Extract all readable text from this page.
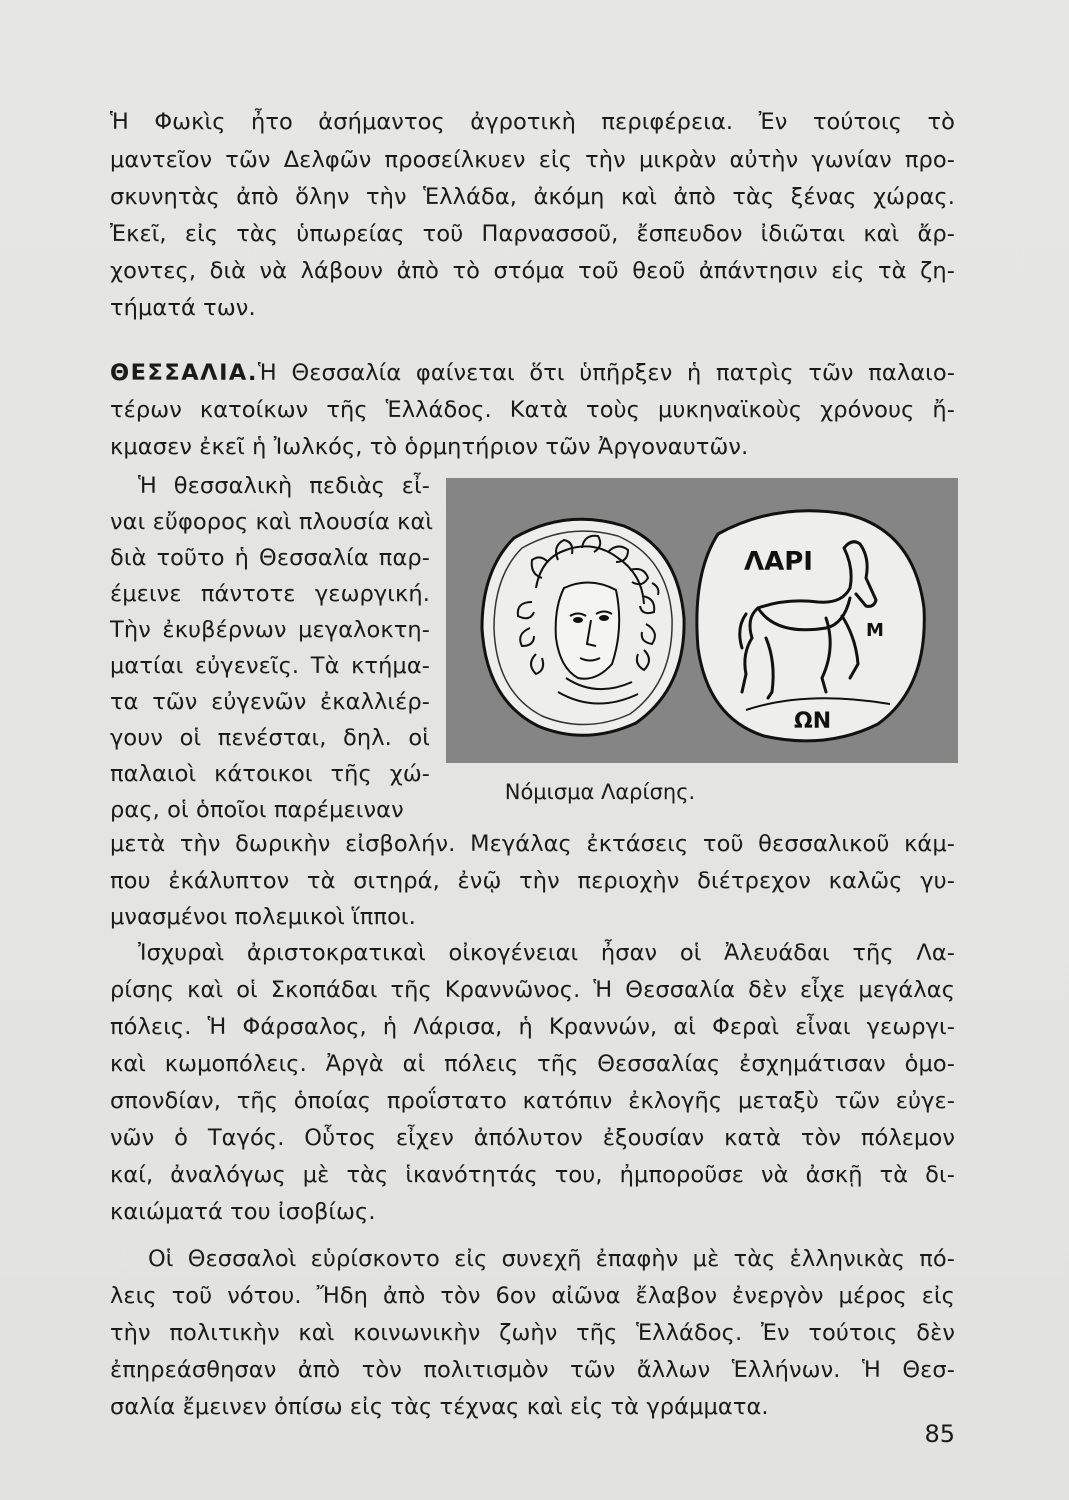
Ἡ Φωκὶς ἦτο ἀσήμαντος ἀγροτικὴ περιφέρεια. Ἐν τούτοις τὸ
μαντεῖον τῶν Δελφῶν προσείλκυεν εἰς τὴν μικρὰν αὐτὴν γωνίαν προ-
σκυνητὰς ἀπὸ ὅλην τὴν Ἑλλάδα, ἀκόμη καὶ ἀπὸ τὰς ξένας χώρας.
Ἐκεῖ, εἰς τὰς ὑπωρείας τοῦ Παρνασσοῦ, ἔσπευδον ἰδιῶται καὶ ἄρ-
χοντες, διὰ νὰ λάβουν ἀπὸ τὸ στόμα τοῦ θεοῦ ἀπάντησιν εἰς τὰ ζη-
τήματά των.
ΘΕΣΣΑΛΙΑ.Ἡ Θεσσαλία φαίνεται ὅτι ὑπῆρξεν ἡ πατρὶς τῶν παλαιο-
τέρων κατοίκων τῆς Ἑλλάδος. Κατὰ τοὺς μυκηναϊκοὺς χρόνους ἤ-
κμασεν ἐκεῖ ἡ Ἰωλκός, τὸ ὁρμητήριον τῶν Ἀργοναυτῶν.
Ἡ θεσσαλικὴ πεδιὰς εἶ-
ναι εὔφορος καὶ πλουσία καὶ
διὰ τοῦτο ἡ Θεσσαλία παρ-
έμεινε πάντοτε γεωργική.
Τὴν ἐκυβέρνων μεγαλοκτη-
ματίαι εὐγενεῖς. Τὰ κτήμα-
τα τῶν εὐγενῶν ἐκαλλιέρ-
γουν οἱ πενέσται, δηλ. οἱ
παλαιοὶ κάτοικοι τῆς χώ-
ρας, οἱ ὁποῖοι παρέμειναν
ΛΑΡΙ
Μ
ΩΝ
Νόμισμα Λαρίσης.
μετὰ τὴν δωρικὴν εἰσβολήν. Μεγάλας ἐκτάσεις τοῦ θεσσαλικοῦ κάμ-
που ἐκάλυπτον τὰ σιτηρά, ἐνῷ τὴν περιοχὴν διέτρεχον καλῶς γυ-
μνασμένοι πολεμικοὶ ἵπποι.
Ἰσχυραὶ ἀριστοκρατικαὶ οἰκογένειαι ἦσαν οἱ Ἀλευάδαι τῆς Λα-
ρίσης καὶ οἱ Σκοπάδαι τῆς Κραννῶνος. Ἡ Θεσσαλία δὲν εἶχε μεγάλας
πόλεις. Ἡ Φάρσαλος, ἡ Λάρισα, ἡ Κραννών, αἱ Φεραὶ εἶναι γεωργι-
καὶ κωμοπόλεις. Ἀργὰ αἱ πόλεις τῆς Θεσσαλίας ἐσχημάτισαν ὁμο-
σπονδίαν, τῆς ὁποίας προΐστατο κατόπιν ἐκλογῆς μεταξὺ τῶν εὐγε-
νῶν ὁ Ταγός. Οὗτος εἶχεν ἀπόλυτον ἐξουσίαν κατὰ τὸν πόλεμον
καί, ἀναλόγως μὲ τὰς ἱκανότητάς του, ἠμποροῦσε νὰ ἀσκῇ τὰ δι-
καιώματά του ἰσοβίως.
Οἱ Θεσσαλοὶ εὑρίσκοντο εἰς συνεχῆ ἐπαφὴν μὲ τὰς ἑλληνικὰς πό-
λεις τοῦ νότου. Ἤδη ἀπὸ τὸν 6ον αἰῶνα ἔλαβον ἐνεργὸν μέρος εἰς
τὴν πολιτικὴν καὶ κοινωνικὴν ζωὴν τῆς Ἑλλάδος. Ἐν τούτοις δὲν
ἐπηρεάσθησαν ἀπὸ τὸν πολιτισμὸν τῶν ἄλλων Ἑλλήνων. Ἡ Θεσ-
σαλία ἔμεινεν ὀπίσω εἰς τὰς τέχνας καὶ εἰς τὰ γράμματα.
85
